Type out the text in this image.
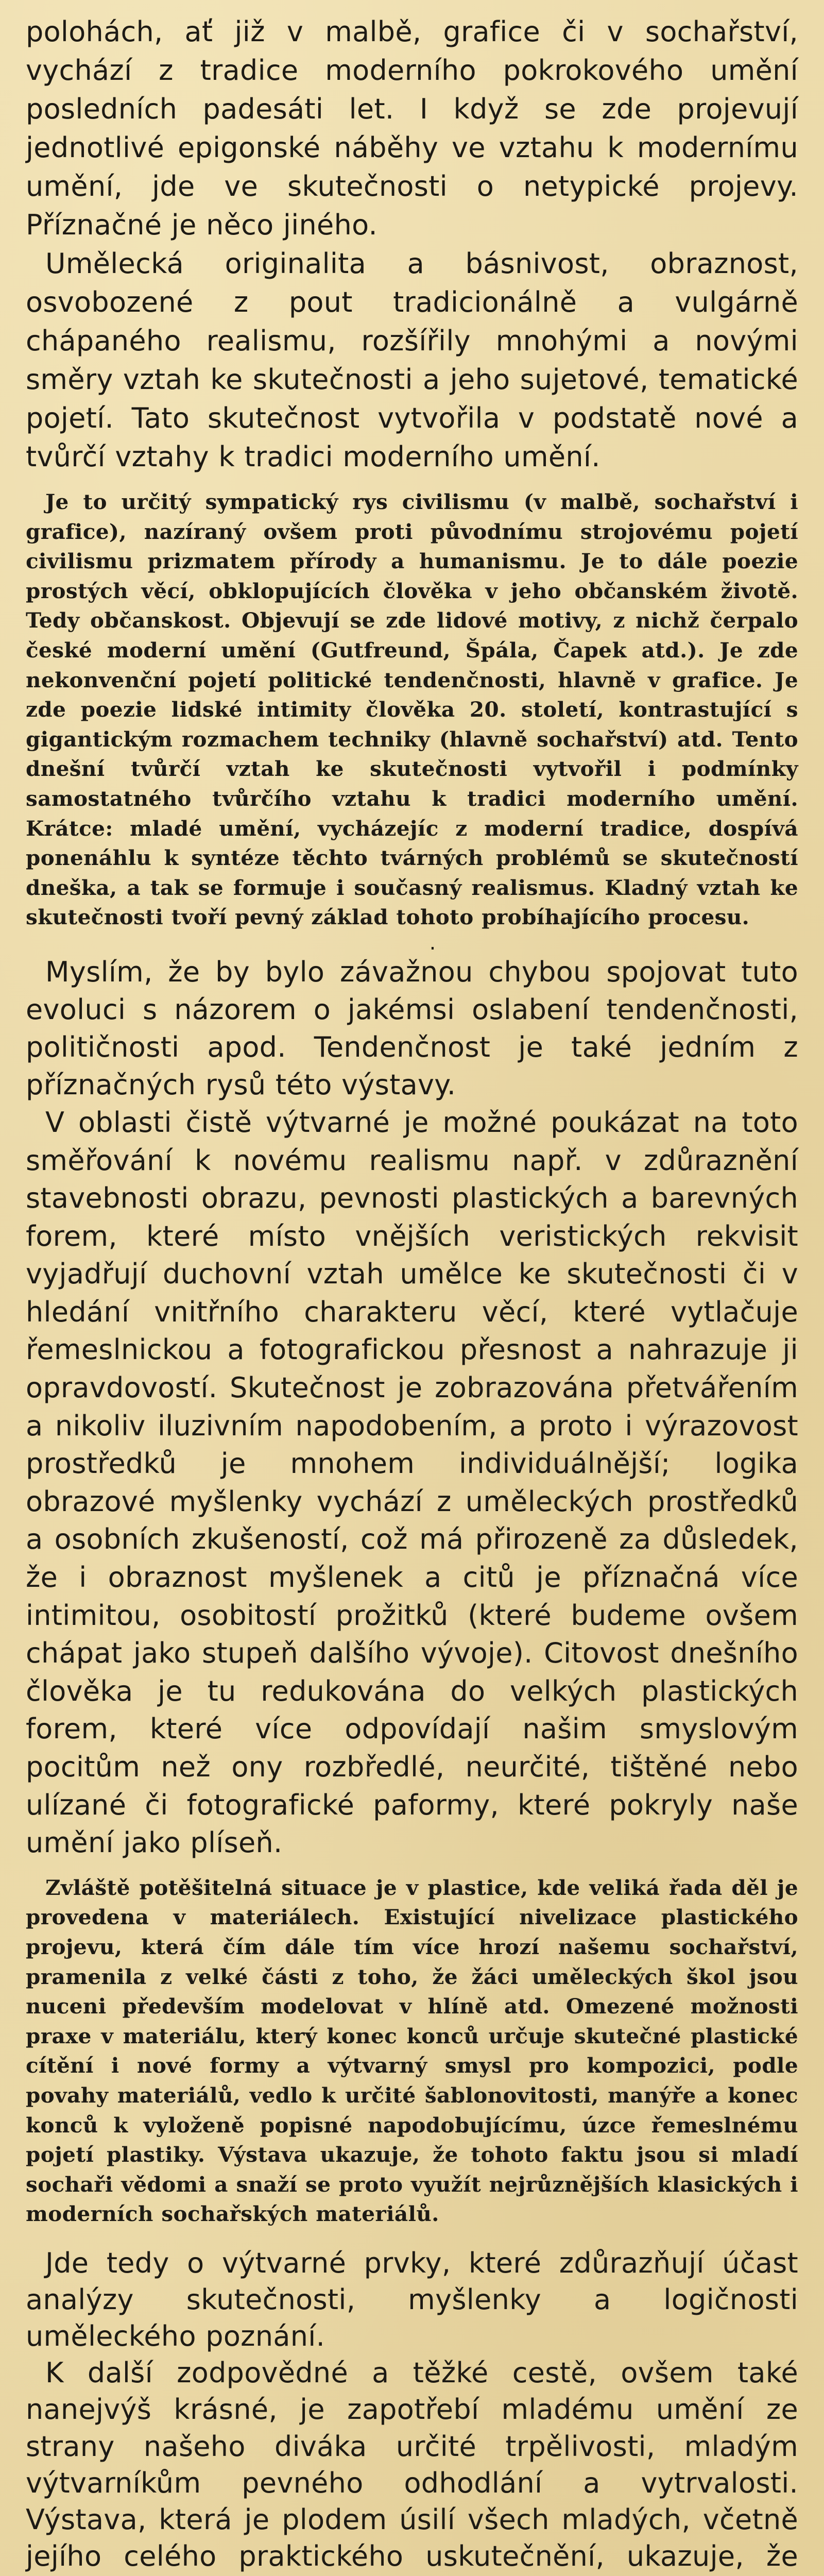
polohách, ať již v malbě, grafice či v sochařství, vychází z tradice moderního pokrokového umění posledních padesáti let. I když se zde projevují jednotlivé epigonské náběhy ve vztahu k modernímu umění, jde ve skutečnosti o netypické projevy. Příznačné je něco jiného.

Umělecká originalita a básnivost, obraznost, osvobozené z pout tradicionálně a vulgárně chápaného realismu, rozšířily mnohými a novými směry vztah ke skutečnosti a jeho sujetové, tematické pojetí. Tato skutečnost vytvořila v podstatě nové a tvůrčí vztahy k tradici moderního umění.

Je to určitý sympatický rys civilismu (v malbě, sochařství i grafice), nazíraný ovšem proti původnímu strojovému pojetí civilismu prizmatem přírody a humanismu. Je to dále poezie prostých věcí, obklopujících člověka v jeho občanském životě. Tedy občanskost. Objevují se zde lidové motivy, z nichž čerpalo české moderní umění (Gutfreund, Špála, Čapek atd.). Je zde nekonvenční pojetí politické tendenčnosti, hlavně v grafice. Je zde poezie lidské intimity člověka 20. století, kontrastující s gigantickým rozmachem techniky (hlavně sochařství) atd. Tento dnešní tvůrčí vztah ke skutečnosti vytvořil i podmínky samostatného tvůrčího vztahu k tradici moderního umění. Krátce: mladé umění, vycházejíc z moderní tradice, dospívá ponenáhlu k syntéze těchto tvárných problémů se skutečností dneška, a tak se formuje i současný realismus. Kladný vztah ke skutečnosti tvoří pevný základ tohoto probíhajícího procesu.

.

Myslím, že by bylo závažnou chybou spojovat tuto evoluci s názorem o jakémsi oslabení tendenčnosti, političnosti apod. Tendenčnost je také jedním z příznačných rysů této výstavy.

V oblasti čistě výtvarné je možné poukázat na toto směřování k novému realismu např. v zdůraznění stavebnosti obrazu, pevnosti plastických a barevných forem, které místo vnějších veristických rekvisit vyjadřují duchovní vztah umělce ke skutečnosti či v hledání vnitřního charakteru věcí, které vytlačuje řemeslnickou a fotografickou přesnost a nahrazuje ji opravdovostí. Skutečnost je zobrazována přetvářením a nikoliv iluzivním napodobením, a proto i výrazovost prostředků je mnohem individuálnější; logika obrazové myšlenky vychází z uměleckých prostředků a osobních zkušeností, což má přirozeně za důsledek, že i obraznost myšlenek a citů je příznačná více intimitou, osobitostí prožitků (které budeme ovšem chápat jako stupeň dalšího vývoje). Citovost dnešního člověka je tu redukována do velkých plastických forem, které více odpovídají našim smyslovým pocitům než ony rozbředlé, neurčité, tištěné nebo ulízané či fotografické paformy, které pokryly naše umění jako plíseň.

Zvláště potěšitelná situace je v plastice, kde veliká řada děl je provedena v materiálech. Existující nivelizace plastického projevu, která čím dále tím více hrozí našemu sochařství, pramenila z velké části z toho, že žáci uměleckých škol jsou nuceni především modelovat v hlíně atd. Omezené možnosti praxe v materiálu, který konec konců určuje skutečné plastické cítění i nové formy a výtvarný smysl pro kompozici, podle povahy materiálů, vedlo k určité šablonovitosti, manýře a konec konců k vyloženě popisné napodobujícímu, úzce řemeslnému pojetí plastiky. Výstava ukazuje, že tohoto faktu jsou si mladí sochaři vědomi a snaží se proto využít nejrůznějších klasických i moderních sochařských materiálů.

Jde tedy o výtvarné prvky, které zdůrazňují účast analýzy skutečnosti, myšlenky a logičnosti uměleckého poznání.

K další zodpovědné a těžké cestě, ovšem také nanejvýš krásné, je zapotřebí mladému umění ze strany našeho diváka určité trpělivosti, mladým výtvarníkům pevného odhodlání a vytrvalosti. Výstava, která je plodem úsilí všech mladých, včetně jejího celého praktického uskutečnění, ukazuje, že
